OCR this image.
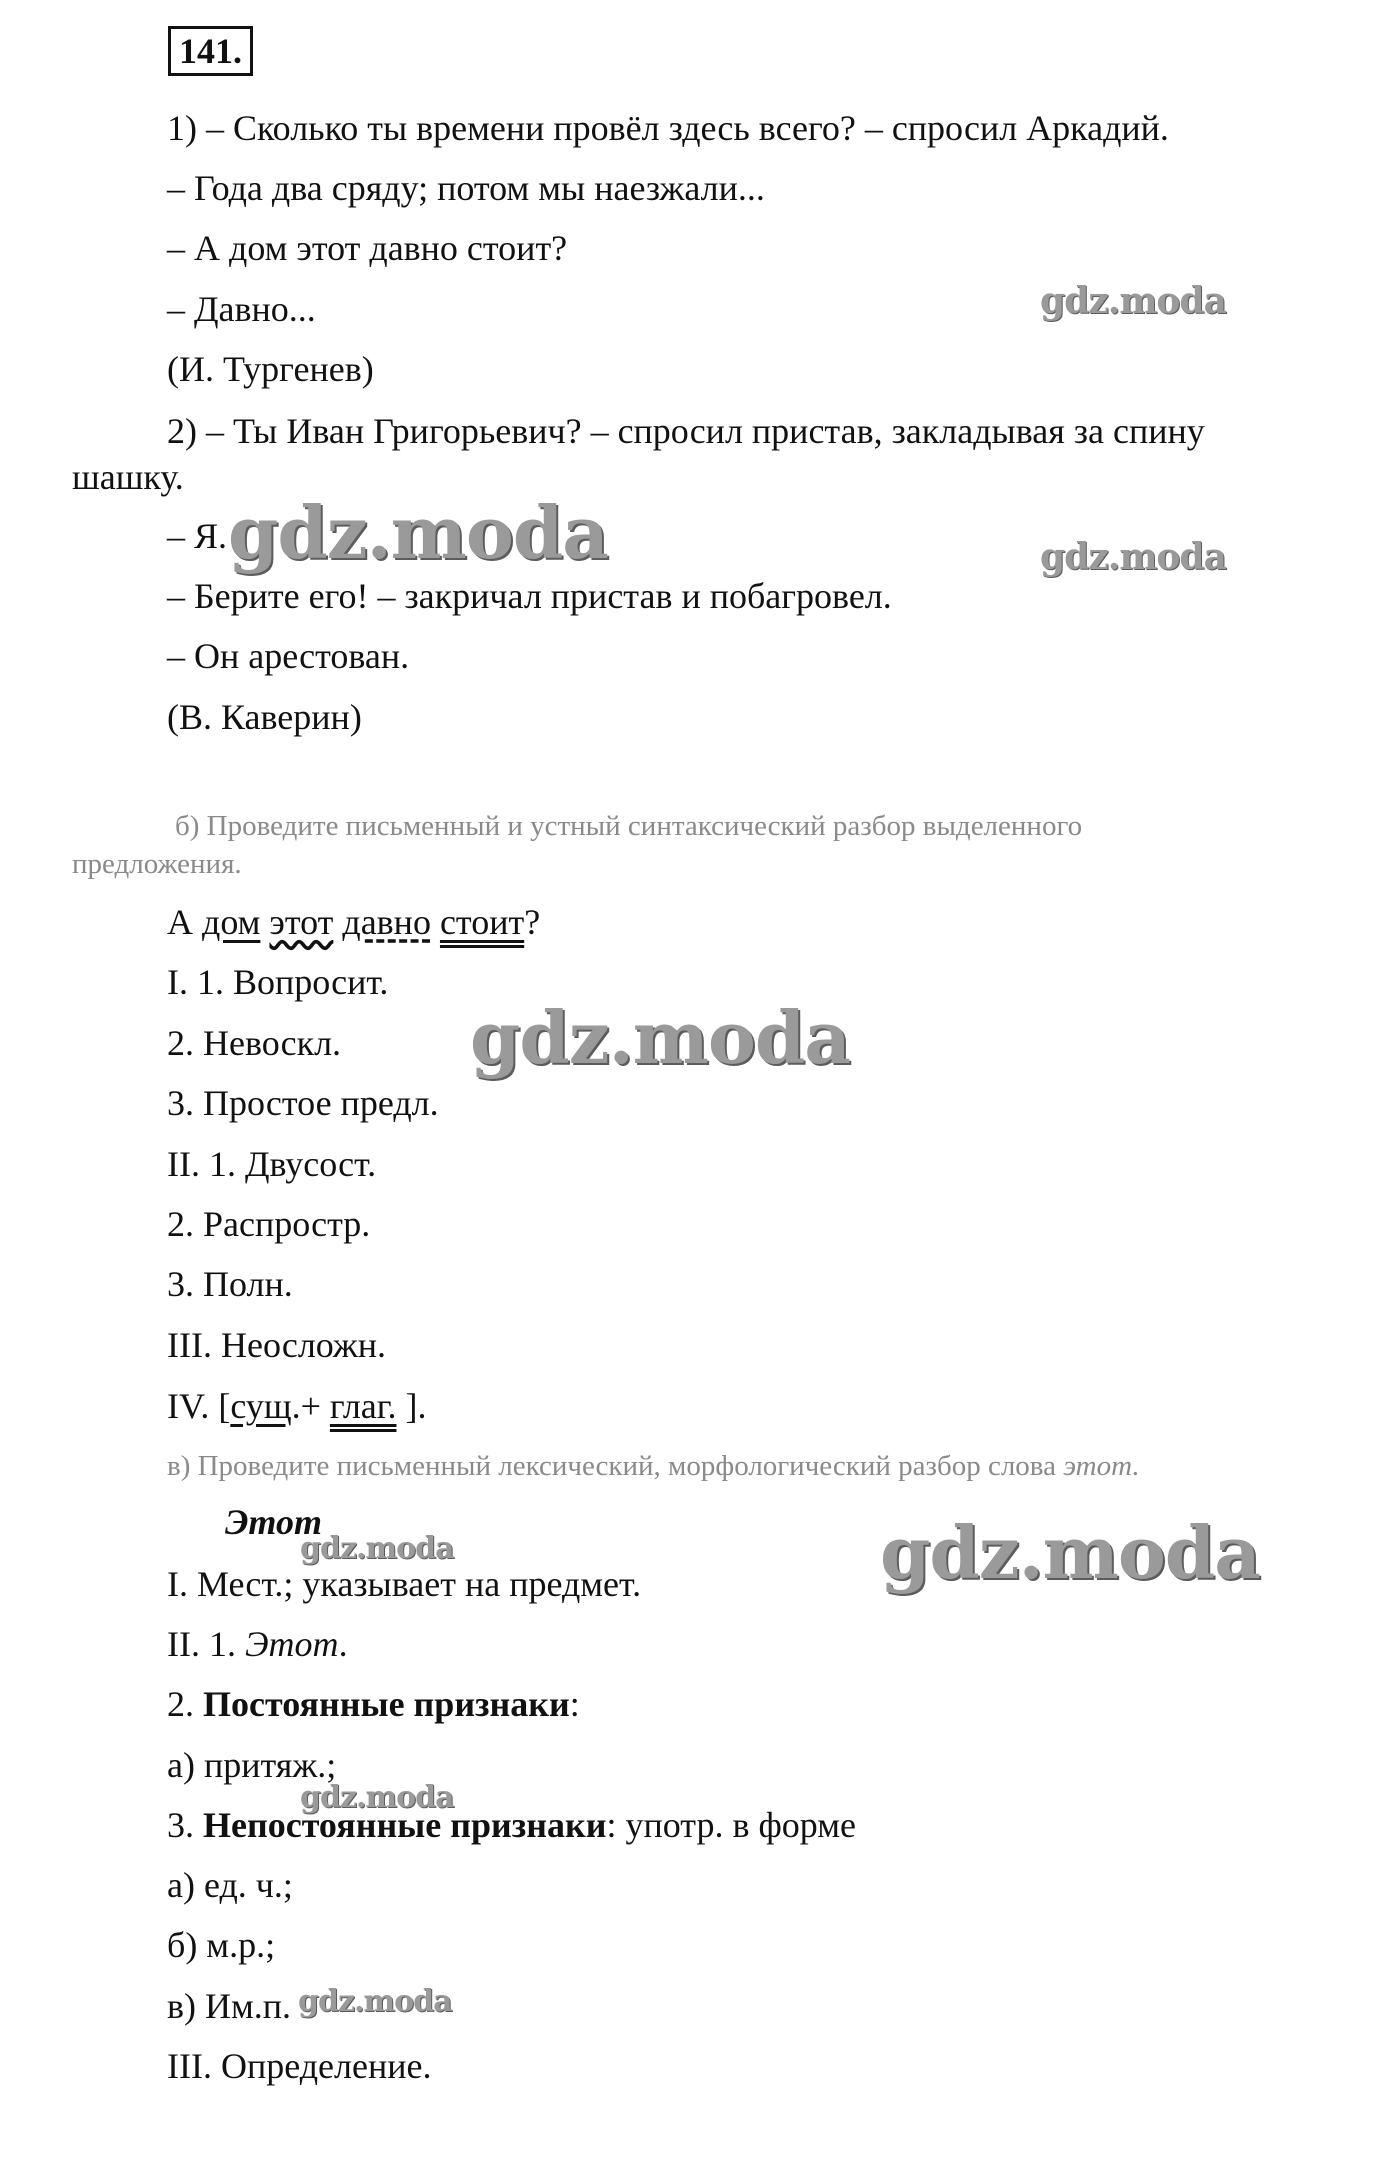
141.

1) – Сколько ты времени провёл здесь всего? – спросил Аркадий.

– Года два сряду; потом мы наезжали...

– А дом этот давно стоит?

– Давно...

(И. Тургенев)

2) – Ты Иван Григорьевич? – спросил пристав, закладывая за спину

шашку.

– Я.

– Берите его! – закричал пристав и побагровел.

– Он арестован.

(В. Каверин)

б) Проведите письменный и устный синтаксический разбор выделенного

предложения.

А дом этот давно стоит?

I. 1. Вопросит.

2. Невоскл.

3. Простое предл.

II. 1. Двусост.

2. Распростр.

3. Полн.

III. Неосложн.

IV. [сущ.+ глаг. ].

в) Проведите письменный лексический, морфологический разбор слова этот.

Этот

I. Мест.; указывает на предмет.

II. 1. Этот.

2. Постоянные признаки:

а) притяж.;

3. Непостоянные признаки: употр. в форме

а) ед. ч.;

б) м.р.;

в) Им.п.

III. Определение.

gdz.moda
gdz.moda	gdz.moda
gdz.moda
gdz.moda	gdz.moda
gdz.moda
gdz.moda
